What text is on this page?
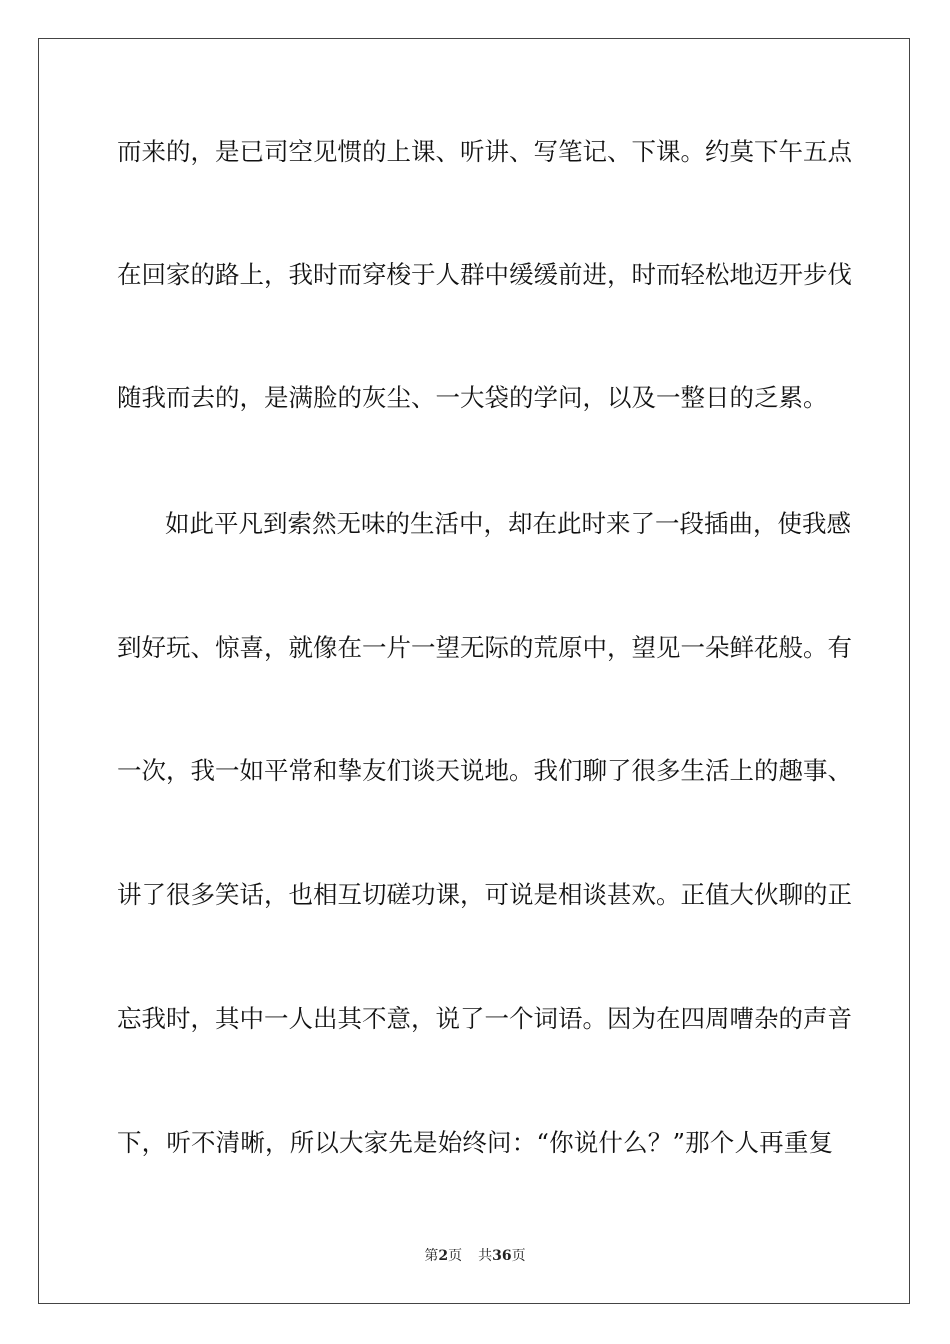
而来的，是已司空见惯的上课、听讲、写笔记、下课。约莫下午五点
在回家的路上，我时而穿梭于人群中缓缓前进，时而轻松地迈开步伐
随我而去的，是满脸的灰尘、一大袋的学问，以及一整日的乏累。
如此平凡到索然无味的生活中，却在此时来了一段插曲，使我感
到好玩、惊喜，就像在一片一望无际的荒原中，望见一朵鲜花般。有
一次，我一如平常和挚友们谈天说地。我们聊了很多生活上的趣事、
讲了很多笑话，也相互切磋功课，可说是相谈甚欢。正值大伙聊的正
忘我时，其中一人出其不意，说了一个词语。因为在四周嘈杂的声音
下，听不清晰，所以大家先是始终问：“你说什么？”那个人再重复
第2页 共36页
